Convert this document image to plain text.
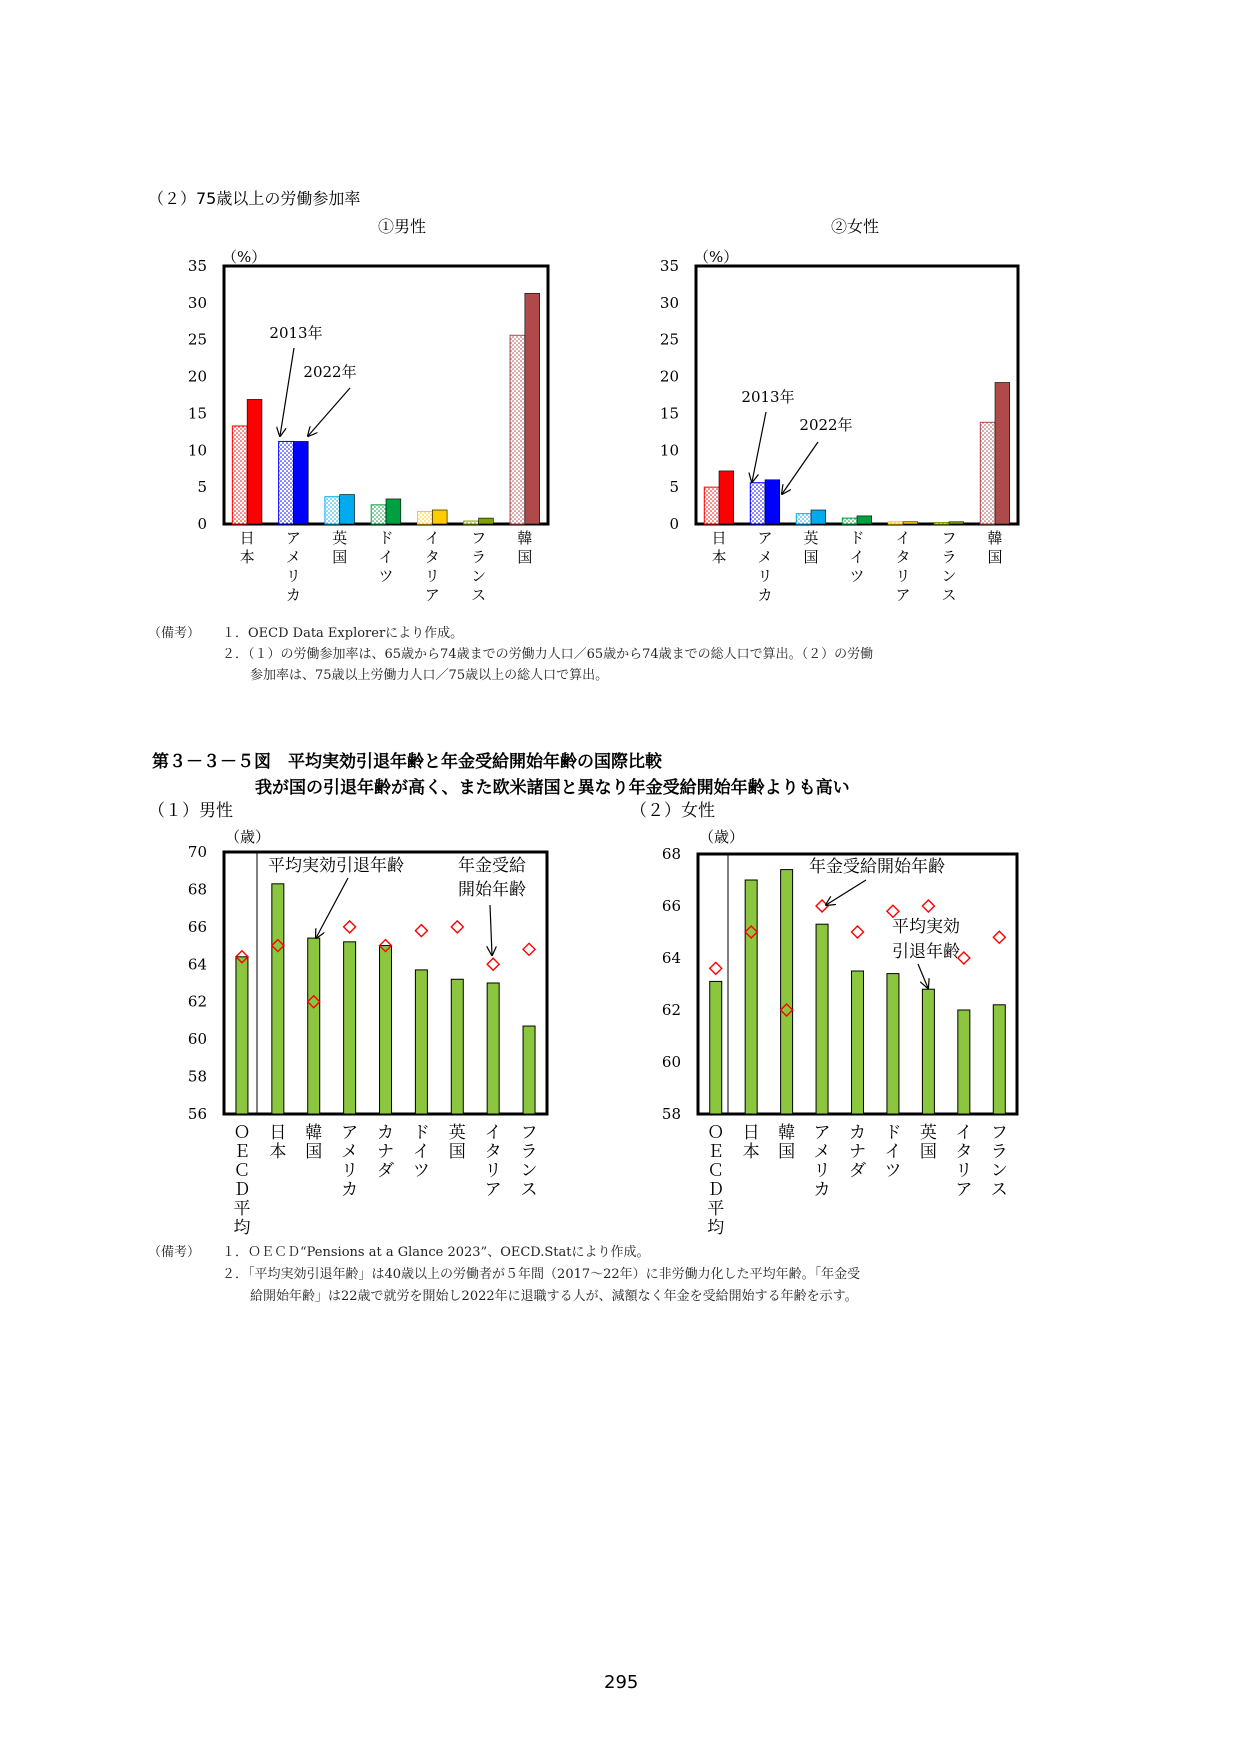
（２）75歳以上の労働参加率
①男性
（%）
0
5
10
15
20
25
30
35
日
本
ア
メ
リ
カ
英
国
ド
イ
ツ
イ
タ
リ
ア
フ
ラ
ン
ス
韓
国
2013年
2022年
②女性
（%）
0
5
10
15
20
25
30
35
日
本
ア
メ
リ
カ
英
国
ド
イ
ツ
イ
タ
リ
ア
フ
ラ
ン
ス
韓
国
2013年
2022年
（１）男性
（歳）
56
58
60
62
64
66
68
70
Ｏ
Ｅ
Ｃ
Ｄ
平
均
日
本
韓
国
ア
メ
リ
カ
カ
ナ
ダ
ド
イ
ツ
英
国
イ
タ
リ
ア
フ
ラ
ン
ス
平均実効引退年齢	年金受給
開始年齢
（２）女性
（歳）
58
60
62
64
66
68
Ｏ
Ｅ
Ｃ
Ｄ
平
均
日
本
韓
国
ア
メ
リ
カ
カ
ナ
ダ
ド
イ
ツ
英
国
イ
タ
リ
ア
フ
ラ
ン
ス
年金受給開始年齢
平均実効
引退年齢
（備考） １．OECD Data Explorerにより作成。
２．（１）の労働参加率は、65歳から74歳までの労働力人口／65歳から74歳までの総人口で算出。（２）の労働
参加率は、75歳以上労働力人口／75歳以上の総人口で算出。
第３－３－５図　平均実効引退年齢と年金受給開始年齢の国際比較
我が国の引退年齢が高く、また欧米諸国と異なり年金受給開始年齢よりも高い
（備考） １．ＯＥＣＤ“Pensions at a Glance 2023”、OECD.Statにより作成。
２．「平均実効引退年齢」は40歳以上の労働者が５年間（2017～22年）に非労働力化した平均年齢。「年金受
給開始年齢」は22歳で就労を開始し2022年に退職する人が、減額なく年金を受給開始する年齢を示す。
295
